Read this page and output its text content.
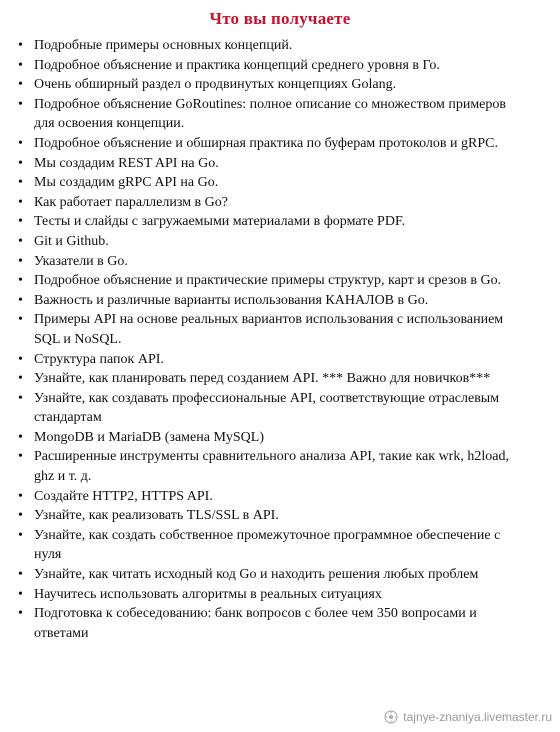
Что вы получаете
• Подробные примеры основных концепций.
• Подробное объяснение и практика концепций среднего уровня в Го.
• Очень обширный раздел о продвинутых концепциях Golang.
• Подробное объяснение GoRoutines: полное описание со множеством примеров для освоения концепции.
• Подробное объяснение и обширная практика по буферам протоколов и gRPC.
• Мы создадим REST API на Go.
• Мы создадим gRPC API на Go.
• Как работает параллелизм в Go?
• Тесты и слайды с загружаемыми материалами в формате PDF.
• Git и Github.
• Указатели в Go.
• Подробное объяснение и практические примеры структур, карт и срезов в Go.
• Важность и различные варианты использования КАНАЛОВ в Go.
• Примеры API на основе реальных вариантов использования с использованием SQL и NoSQL.
• Структура папок API.
• Узнайте, как планировать перед созданием API. *** Важно для новичков***
• Узнайте, как создавать профессиональные API, соответствующие отраслевым стандартам
• MongoDB и MariaDB (замена MySQL)
• Расширенные инструменты сравнительного анализа API, такие как wrk, h2load, ghz и т. д.
• Создайте HTTP2, HTTPS API.
• Узнайте, как реализовать TLS/SSL в API.
• Узнайте, как создать собственное промежуточное программное обеспечение с нуля
• Узнайте, как читать исходный код Go и находить решения любых проблем
• Научитесь использовать алгоритмы в реальных ситуациях
• Подготовка к собеседованию: банк вопросов с более чем 350 вопросами и ответами
tajnye-znaniya.livemaster.ru
